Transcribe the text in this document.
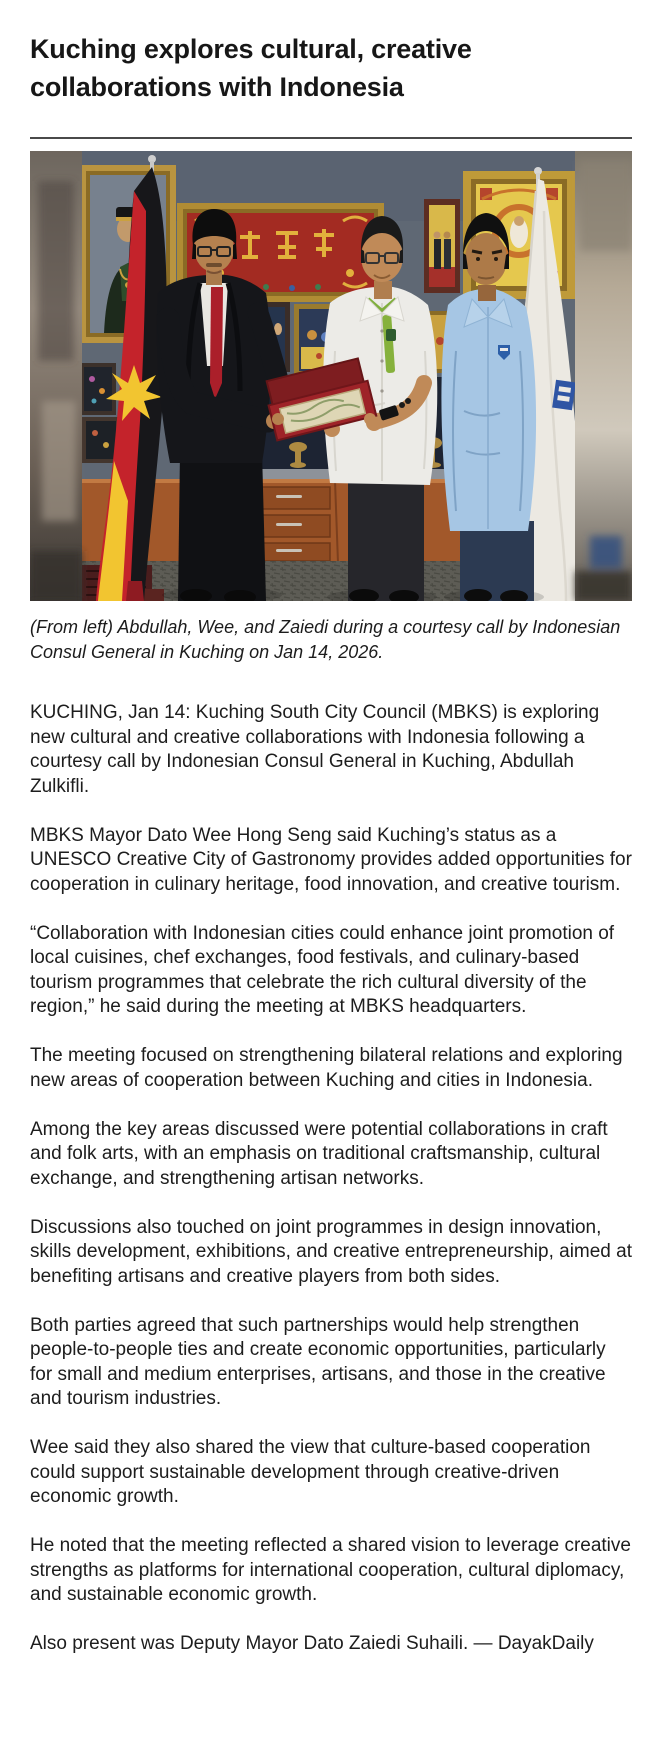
Kuching explores cultural, creative collaborations with Indonesia

(From left) Abdullah, Wee, and Zaiedi during a courtesy call by Indonesian Consul General in Kuching on Jan 14, 2026.

KUCHING, Jan 14: Kuching South City Council (MBKS) is exploring new cultural and creative collaborations with Indonesia following a courtesy call by Indonesian Consul General in Kuching, Abdullah Zulkifli.

MBKS Mayor Dato Wee Hong Seng said Kuching’s status as a UNESCO Creative City of Gastronomy provides added opportunities for cooperation in culinary heritage, food innovation, and creative tourism.

“Collaboration with Indonesian cities could enhance joint promotion of local cuisines, chef exchanges, food festivals, and culinary-based tourism programmes that celebrate the rich cultural diversity of the region,” he said during the meeting at MBKS headquarters.

The meeting focused on strengthening bilateral relations and exploring new areas of cooperation between Kuching and cities in Indonesia.

Among the key areas discussed were potential collaborations in craft and folk arts, with an emphasis on traditional craftsmanship, cultural exchange, and strengthening artisan networks.

Discussions also touched on joint programmes in design innovation, skills development, exhibitions, and creative entrepreneurship, aimed at benefiting artisans and creative players from both sides.

Both parties agreed that such partnerships would help strengthen people-to-people ties and create economic opportunities, particularly for small and medium enterprises, artisans, and those in the creative and tourism industries.

Wee said they also shared the view that culture-based cooperation could support sustainable development through creative-driven economic growth.

He noted that the meeting reflected a shared vision to leverage creative strengths as platforms for international cooperation, cultural diplomacy, and sustainable economic growth.

Also present was Deputy Mayor Dato Zaiedi Suhaili. — DayakDaily
